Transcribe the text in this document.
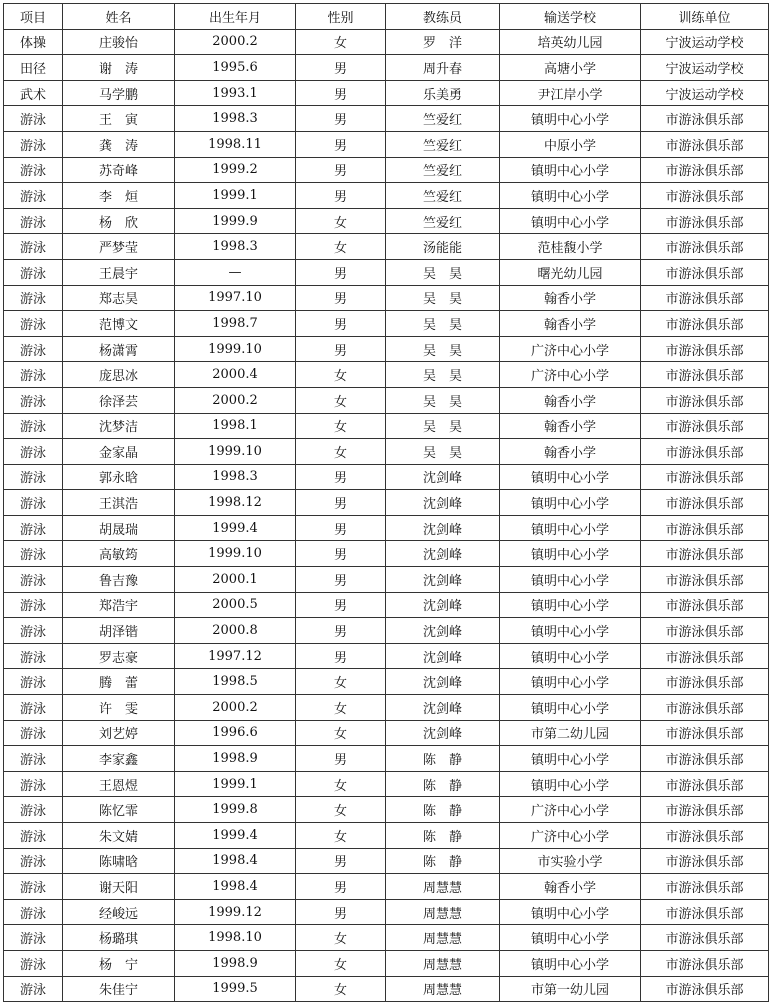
项目	姓名	出生年月	性别	教练员	输送学校	训练单位
体操	庄骏怡	2000.2	女	罗　洋	培英幼儿园	宁波运动学校
田径	谢　涛	1995.6	男	周升春	高塘小学	宁波运动学校
武术	马学鹏	1993.1	男	乐美勇	尹江岸小学	宁波运动学校
游泳	王　寅	1998.3	男	竺爱红	镇明中心小学	市游泳俱乐部
游泳	龚　涛	1998.11	男	竺爱红	中原小学	市游泳俱乐部
游泳	苏奇峰	1999.2	男	竺爱红	镇明中心小学	市游泳俱乐部
游泳	李　烜	1999.1	男	竺爱红	镇明中心小学	市游泳俱乐部
游泳	杨　欣	1999.9	女	竺爱红	镇明中心小学	市游泳俱乐部
游泳	严梦莹	1998.3	女	汤能能	范桂馥小学	市游泳俱乐部
游泳	王晨宇	—	男	吴　昊	曙光幼儿园	市游泳俱乐部
游泳	郑志昊	1997.10	男	吴　昊	翰香小学	市游泳俱乐部
游泳	范博文	1998.7	男	吴　昊	翰香小学	市游泳俱乐部
游泳	杨潇霄	1999.10	男	吴　昊	广济中心小学	市游泳俱乐部
游泳	庞思冰	2000.4	女	吴　昊	广济中心小学	市游泳俱乐部
游泳	徐泽芸	2000.2	女	吴　昊	翰香小学	市游泳俱乐部
游泳	沈梦洁	1998.1	女	吴　昊	翰香小学	市游泳俱乐部
游泳	金家晶	1999.10	女	吴　昊	翰香小学	市游泳俱乐部
游泳	郭永晗	1998.3	男	沈剑峰	镇明中心小学	市游泳俱乐部
游泳	王淇浩	1998.12	男	沈剑峰	镇明中心小学	市游泳俱乐部
游泳	胡晟瑞	1999.4	男	沈剑峰	镇明中心小学	市游泳俱乐部
游泳	高敏筠	1999.10	男	沈剑峰	镇明中心小学	市游泳俱乐部
游泳	鲁吉豫	2000.1	男	沈剑峰	镇明中心小学	市游泳俱乐部
游泳	郑浩宇	2000.5	男	沈剑峰	镇明中心小学	市游泳俱乐部
游泳	胡泽锴	2000.8	男	沈剑峰	镇明中心小学	市游泳俱乐部
游泳	罗志豪	1997.12	男	沈剑峰	镇明中心小学	市游泳俱乐部
游泳	腾　蕾	1998.5	女	沈剑峰	镇明中心小学	市游泳俱乐部
游泳	许　雯	2000.2	女	沈剑峰	镇明中心小学	市游泳俱乐部
游泳	刘艺婷	1996.6	女	沈剑峰	市第二幼儿园	市游泳俱乐部
游泳	李家鑫	1998.9	男	陈　静	镇明中心小学	市游泳俱乐部
游泳	王恩煜	1999.1	女	陈　静	镇明中心小学	市游泳俱乐部
游泳	陈忆霏	1999.8	女	陈　静	广济中心小学	市游泳俱乐部
游泳	朱文婧	1999.4	女	陈　静	广济中心小学	市游泳俱乐部
游泳	陈啸晗	1998.4	男	陈　静	市实验小学	市游泳俱乐部
游泳	谢天阳	1998.4	男	周慧慧	翰香小学	市游泳俱乐部
游泳	经峻远	1999.12	男	周慧慧	镇明中心小学	市游泳俱乐部
游泳	杨璐琪	1998.10	女	周慧慧	镇明中心小学	市游泳俱乐部
游泳	杨　宁	1998.9	女	周慧慧	镇明中心小学	市游泳俱乐部
游泳	朱佳宁	1999.5	女	周慧慧	市第一幼儿园	市游泳俱乐部
